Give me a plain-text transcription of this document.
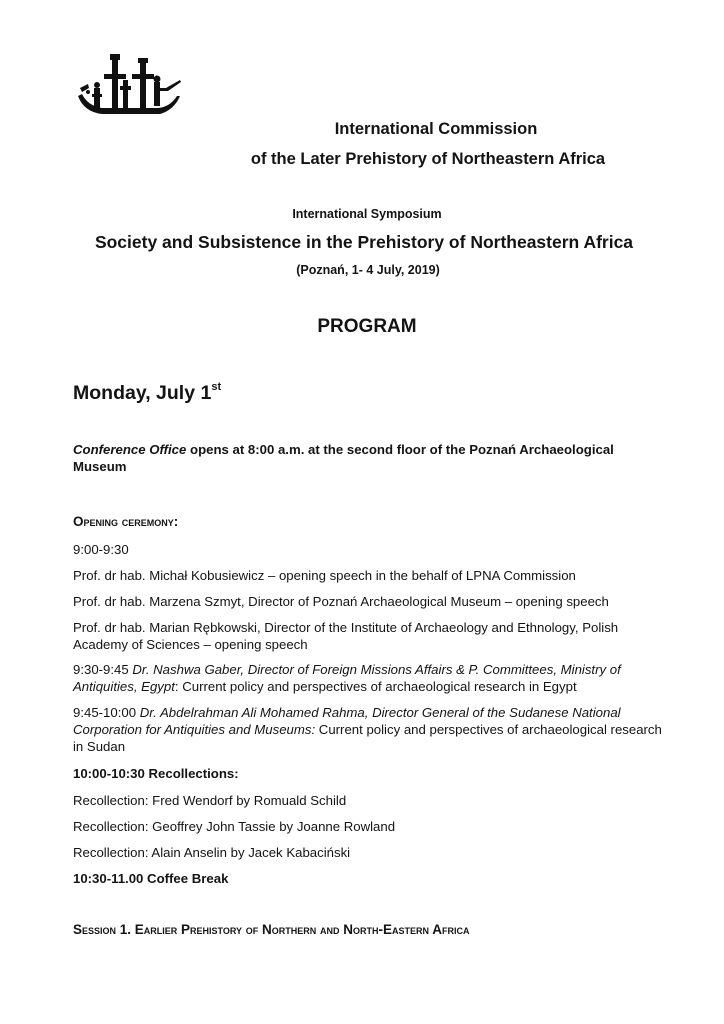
International Commission
of the Later Prehistory of Northeastern Africa
International Symposium
Society and Subsistence in the Prehistory of Northeastern Africa
(Poznań, 1- 4 July, 2019)
PROGRAM
Monday, July 1st
Conference Office opens at 8:00 a.m. at the second floor of the Poznań Archaeological Museum
Opening ceremony:
9:00-9:30
Prof. dr hab. Michał Kobusiewicz – opening speech in the behalf of LPNA Commission
Prof. dr hab. Marzena Szmyt, Director of Poznań Archaeological Museum – opening speech
Prof. dr hab. Marian Rębkowski, Director of the Institute of Archaeology and Ethnology, Polish Academy of Sciences – opening speech
9:30-9:45 Dr. Nashwa Gaber, Director of Foreign Missions Affairs & P. Committees, Ministry of Antiquities, Egypt: Current policy and perspectives of archaeological research in Egypt
9:45-10:00 Dr. Abdelrahman Ali Mohamed Rahma, Director General of the Sudanese National Corporation for Antiquities and Museums: Current policy and perspectives of archaeological research in Sudan
10:00-10:30 Recollections:
Recollection: Fred Wendorf by Romuald Schild
Recollection: Geoffrey John Tassie by Joanne Rowland
Recollection: Alain Anselin by Jacek Kabaciński
10:30-11.00 Coffee Break
Session 1. Earlier Prehistory of Northern and North-Eastern Africa
